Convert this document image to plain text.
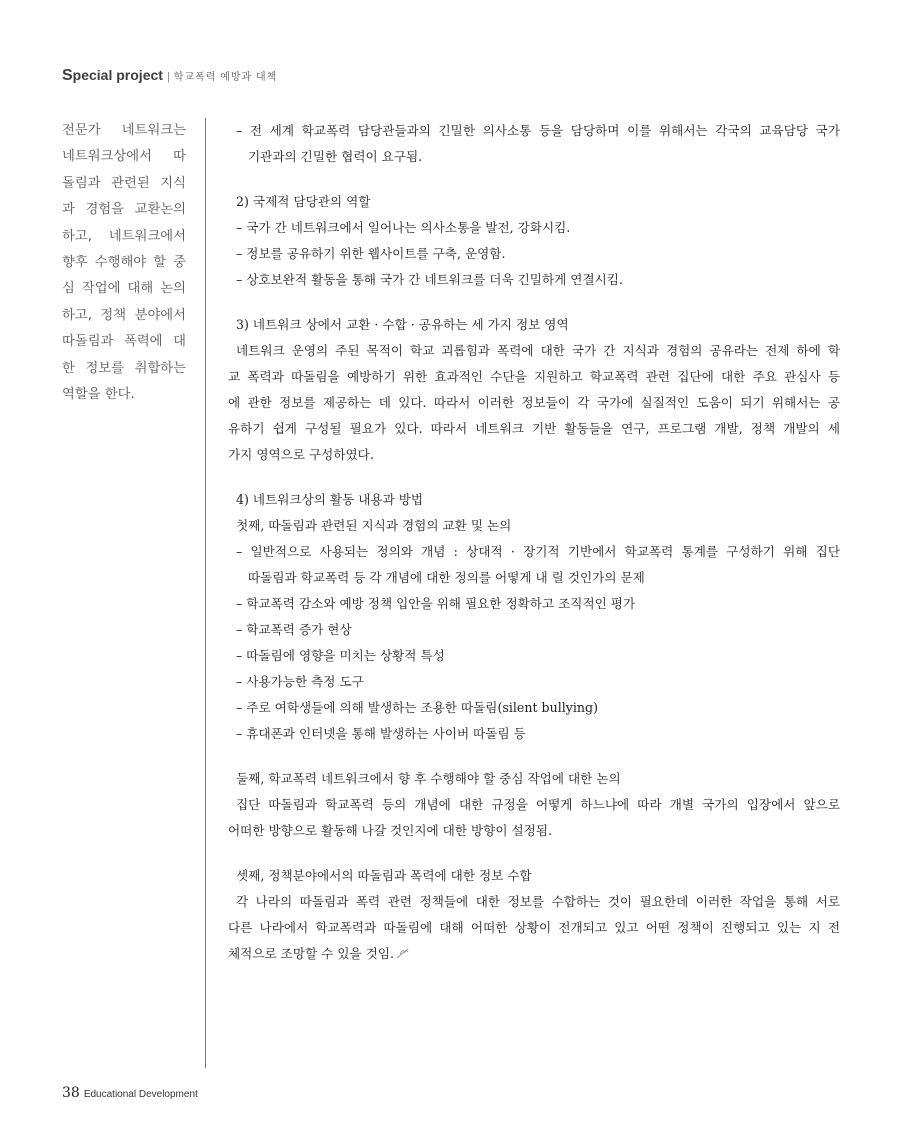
Special project | 학교폭력 예방과 대책
전문가 네트워크는
네트워크상에서 따
돌림과 관련된 지식
과 경험을 교환논의
하고, 네트워크에서
향후 수행해야 할 중
심 작업에 대해 논의
하고, 정책 분야에서
따돌림과 폭력에 대
한 정보를 취합하는
역할을 한다.
– 전 세계 학교폭력 담당관들과의 긴밀한 의사소통 등을 담당하며 이를 위해서는 각국의 교육담당 국가
기관과의 긴밀한 협력이 요구됨.
2) 국제적 담당관의 역할
– 국가 간 네트워크에서 일어나는 의사소통을 발전, 강화시킴.
– 정보를 공유하기 위한 웹사이트를 구축, 운영함.
– 상호보완적 활동을 통해 국가 간 네트워크를 더욱 긴밀하게 연결시킴.
3) 네트워크 상에서 교환 · 수합 · 공유하는 세 가지 정보 영역
네트워크 운영의 주된 목적이 학교 괴롭힘과 폭력에 대한 국가 간 지식과 경험의 공유라는 전제 하에 학
교 폭력과 따돌림을 예방하기 위한 효과적인 수단을 지원하고 학교폭력 관련 집단에 대한 주요 관심사 등
에 관한 정보를 제공하는 데 있다. 따라서 이러한 정보들이 각 국가에 실질적인 도움이 되기 위해서는 공
유하기 쉽게 구성될 필요가 있다. 따라서 네트워크 기반 활동들을 연구, 프로그램 개발, 정책 개발의 세
가지 영역으로 구성하였다.
4) 네트워크상의 활동 내용과 방법
첫째, 따돌림과 관련된 지식과 경험의 교환 및 논의
– 일반적으로 사용되는 정의와 개념 : 상대적 · 장기적 기반에서 학교폭력 통계를 구성하기 위해 집단
따돌림과 학교폭력 등 각 개념에 대한 정의를 어떻게 내 릴 것인가의 문제
– 학교폭력 감소와 예방 정책 입안을 위해 필요한 정확하고 조직적인 평가
– 학교폭력 증가 현상
– 따돌림에 영향을 미치는 상황적 특성
– 사용가능한 측정 도구
– 주로 여학생들에 의해 발생하는 조용한 따돌림(silent bullying)
– 휴대폰과 인터넷을 통해 발생하는 사이버 따돌림 등
둘째, 학교폭력 네트워크에서 향 후 수행해야 할 중심 작업에 대한 논의
집단 따돌림과 학교폭력 등의 개념에 대한 규정을 어떻게 하느냐에 따라 개별 국가의 입장에서 앞으로
어떠한 방향으로 활동해 나갈 것인지에 대한 방향이 설정됨.
셋째, 정책분야에서의 따돌림과 폭력에 대한 정보 수합
각 나라의 따돌림과 폭력 관련 정책들에 대한 정보를 수합하는 것이 필요한데 이러한 작업을 통해 서로
다른 나라에서 학교폭력과 따돌림에 대해 어떠한 상황이 전개되고 있고 어떤 정책이 진행되고 있는 지 전
체적으로 조망할 수 있을 것임.
38 Educational Development
